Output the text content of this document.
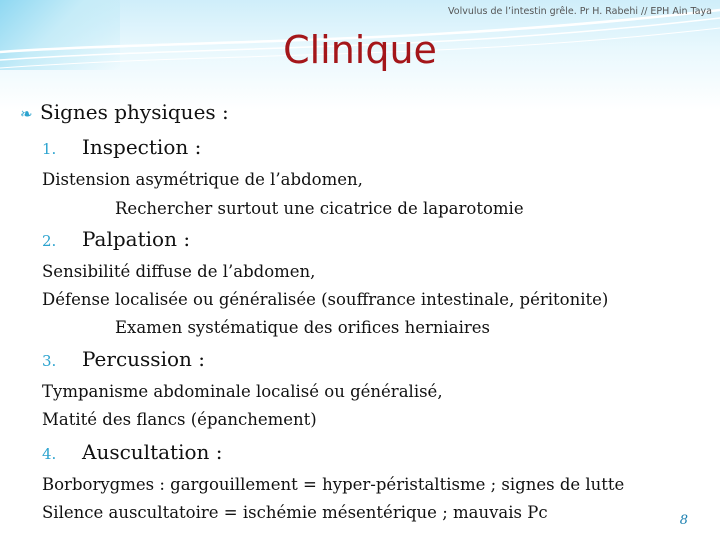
Volvulus de l’intestin grêle. Pr H. Rabehi // EPH Ain Taya
Clinique
❧ Signes physiques :
1. Inspection :
Distension asymétrique de l’abdomen,
Rechercher surtout une cicatrice de laparotomie
2. Palpation :
Sensibilité diffuse de l’abdomen,
Défense localisée ou généralisée (souffrance intestinale, péritonite)
Examen systématique des orifices herniaires
3. Percussion :
Tympanisme abdominale localisé ou généralisé,
Matité des flancs (épanchement)
4. Auscultation :
Borborygmes : gargouillement = hyper-péristaltisme ; signes de lutte
Silence auscultatoire = ischémie mésentérique ; mauvais Pc	8
